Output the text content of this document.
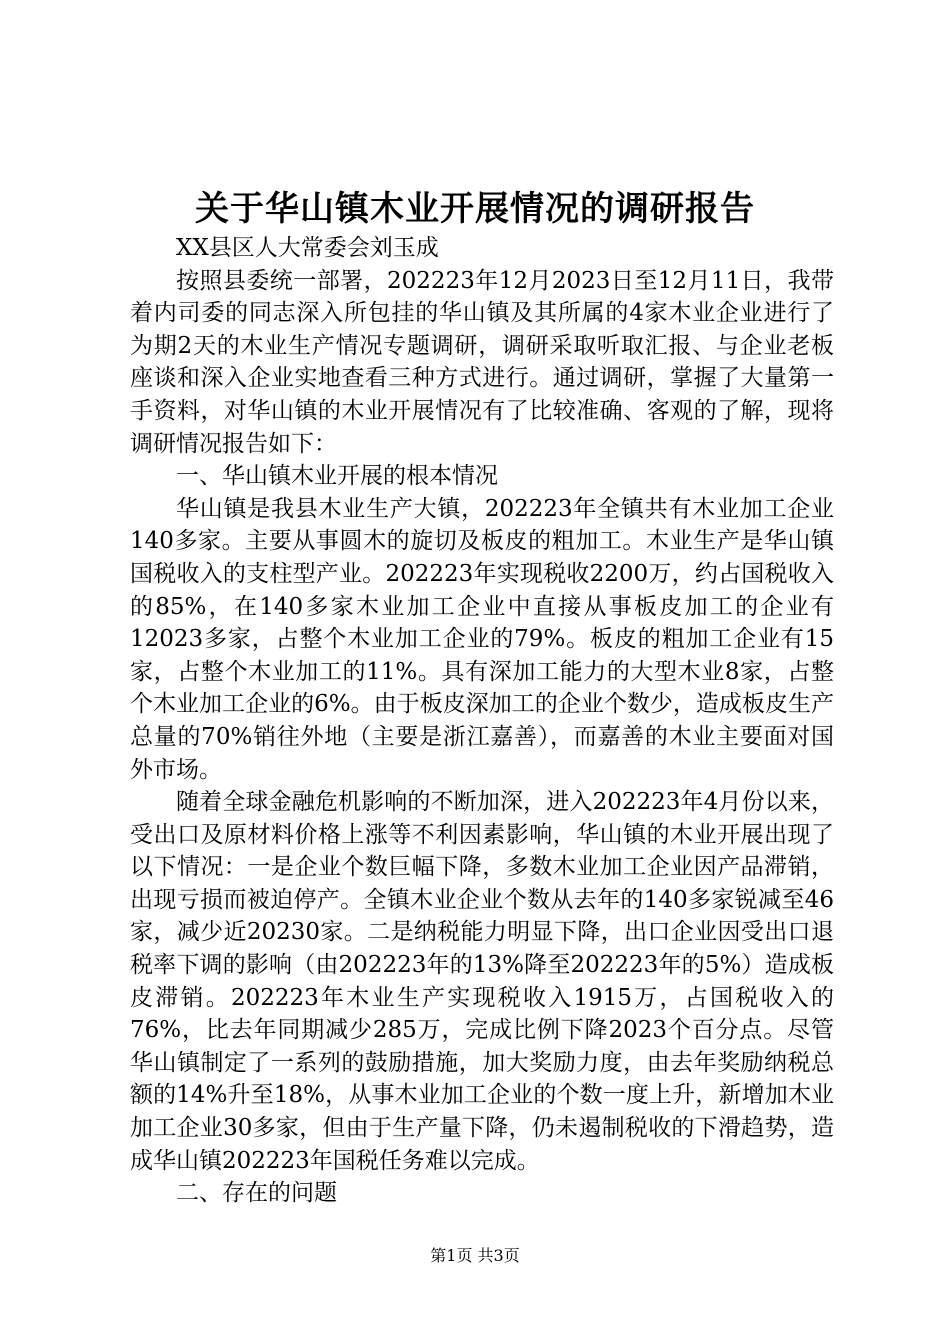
关于华山镇木业开展情况的调研报告

XX县区人大常委会刘玉成

按照县委统一部署，202223年12月2023日至12月11日，我带着内司委的同志深入所包挂的华山镇及其所属的4家木业企业进行了为期2天的木业生产情况专题调研，调研采取听取汇报、与企业老板座谈和深入企业实地查看三种方式进行。通过调研，掌握了大量第一手资料，对华山镇的木业开展情况有了比较准确、客观的了解，现将调研情况报告如下：

一、华山镇木业开展的根本情况

华山镇是我县木业生产大镇，202223年全镇共有木业加工企业140多家。主要从事圆木的旋切及板皮的粗加工。木业生产是华山镇国税收入的支柱型产业。202223年实现税收2200万，约占国税收入的85%，在140多家木业加工企业中直接从事板皮加工的企业有12023多家，占整个木业加工企业的79%。板皮的粗加工企业有15家，占整个木业加工的11%。具有深加工能力的大型木业8家，占整个木业加工企业的6%。由于板皮深加工的企业个数少，造成板皮生产总量的70%销往外地（主要是浙江嘉善），而嘉善的木业主要面对国外市场。

随着全球金融危机影响的不断加深，进入202223年4月份以来，受出口及原材料价格上涨等不利因素影响，华山镇的木业开展出现了以下情况：一是企业个数巨幅下降，多数木业加工企业因产品滞销，出现亏损而被迫停产。全镇木业企业个数从去年的140多家锐减至46家，减少近20230家。二是纳税能力明显下降，出口企业因受出口退税率下调的影响（由202223年的13%降至202223年的5%）造成板皮滞销。202223年木业生产实现税收入1915万，占国税收入的76%，比去年同期减少285万，完成比例下降2023个百分点。尽管华山镇制定了一系列的鼓励措施，加大奖励力度，由去年奖励纳税总额的14%升至18%，从事木业加工企业的个数一度上升，新增加木业加工企业30多家，但由于生产量下降，仍未遏制税收的下滑趋势，造成华山镇202223年国税任务难以完成。

二、存在的问题

第1页 共3页
